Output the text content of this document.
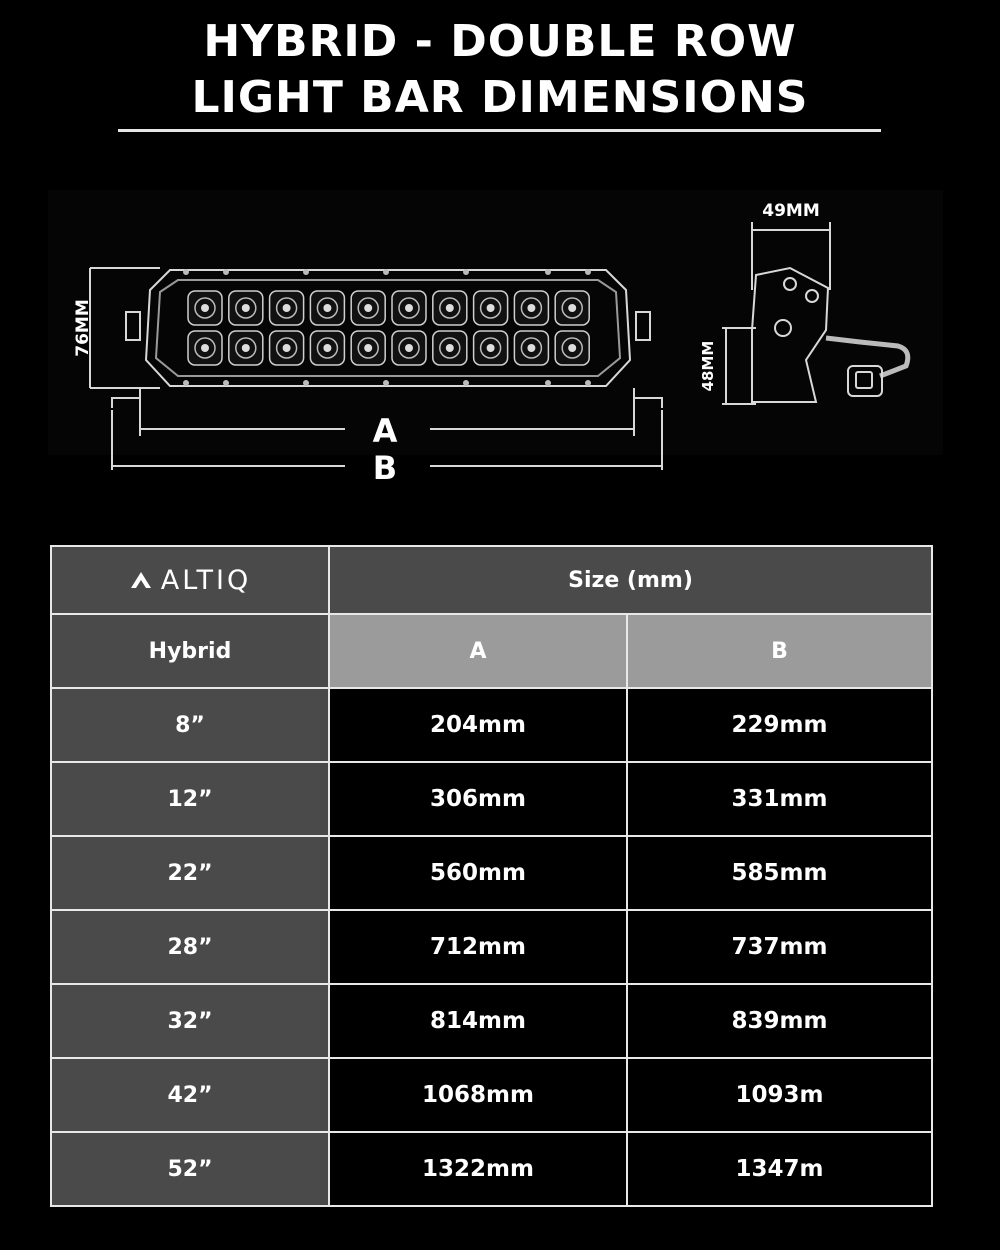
HYBRID - DOUBLE ROW
LIGHT BAR DIMENSIONS
76MM
A
B
49MM
48MM
ALTIQ	Size (mm)	
Hybrid	A	B
8”	204mm	229mm
12”	306mm	331mm
22”	560mm	585mm
28”	712mm	737mm
32”	814mm	839mm
42”	1068mm	1093m
52”	1322mm	1347m
